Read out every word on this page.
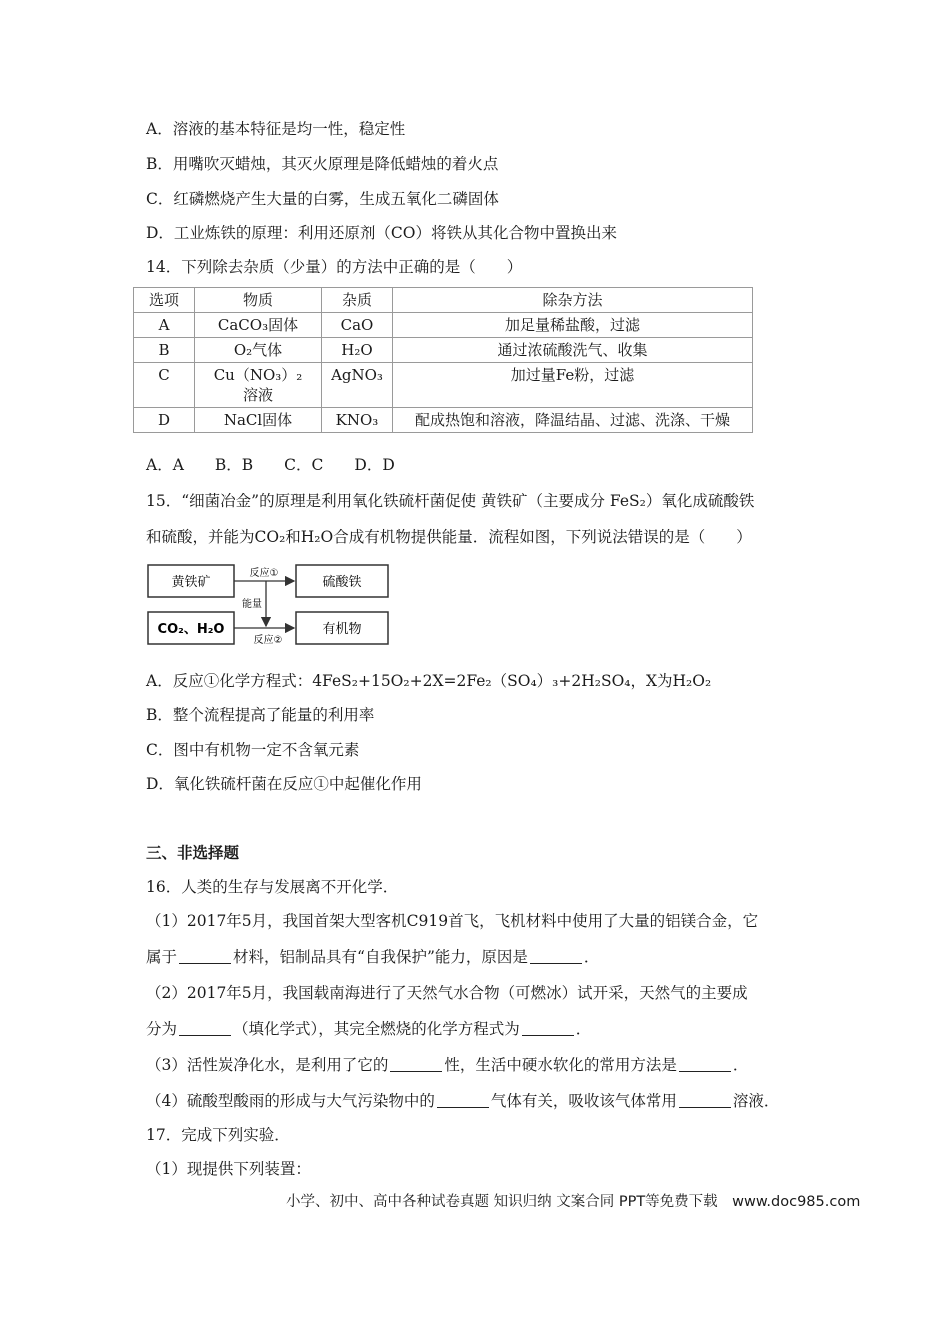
A．溶液的基本特征是均一性，稳定性
B．用嘴吹灭蜡烛，其灭火原理是降低蜡烛的着火点
C．红磷燃烧产生大量的白雾，生成五氧化二磷固体
D．工业炼铁的原理：利用还原剂（CO）将铁从其化合物中置换出来
14．下列除去杂质（少量）的方法中正确的是（　　）
选项	物质	杂质	除杂方法
A	CaCO₃固体	CaO	加足量稀盐酸，过滤
B	O₂气体	H₂O	通过浓硫酸洗气、收集
C	Cu（NO₃）₂溶液	AgNO₃	加过量Fe粉，过滤
D	NaCl固体	KNO₃	配成热饱和溶液，降温结晶、过滤、洗涤、干燥
A．A　　B．B　　C．C　　D．D
15．“细菌冶金”的原理是利用氧化铁硫杆菌促使 黄铁矿（主要成分 FeS₂）氧化成硫酸铁
和硫酸，并能为CO₂和H₂O合成有机物提供能量．流程如图，下列说法错误的是（　　）
黄铁矿	硫酸铁
CO₂、H₂O	有机物
反应①
能量
反应②
A．反应①化学方程式：4FeS₂+15O₂+2X=2Fe₂（SO₄）₃+2H₂SO₄，X为H₂O₂
B．整个流程提高了能量的利用率
C．图中有机物一定不含氧元素
D．氧化铁硫杆菌在反应①中起催化作用
三、非选择题
16．人类的生存与发展离不开化学．
（1）2017年5月，我国首架大型客机C919首飞，飞机材料中使用了大量的铝镁合金，它
属于	材料，铝制品具有“自我保护”能力，原因是	．
（2）2017年5月，我国载南海进行了天然气水合物（可燃冰）试开采，天然气的主要成
分为	（填化学式），其完全燃烧的化学方程式为	．
（3）活性炭净化水，是利用了它的	性，生活中硬水软化的常用方法是	．
（4）硫酸型酸雨的形成与大气污染物中的	气体有关，吸收该气体常用	溶液．
17．完成下列实验．
（1）现提供下列装置：
小学、初中、高中各种试卷真题 知识归纳 文案合同 PPT等免费下载　www.doc985.com
